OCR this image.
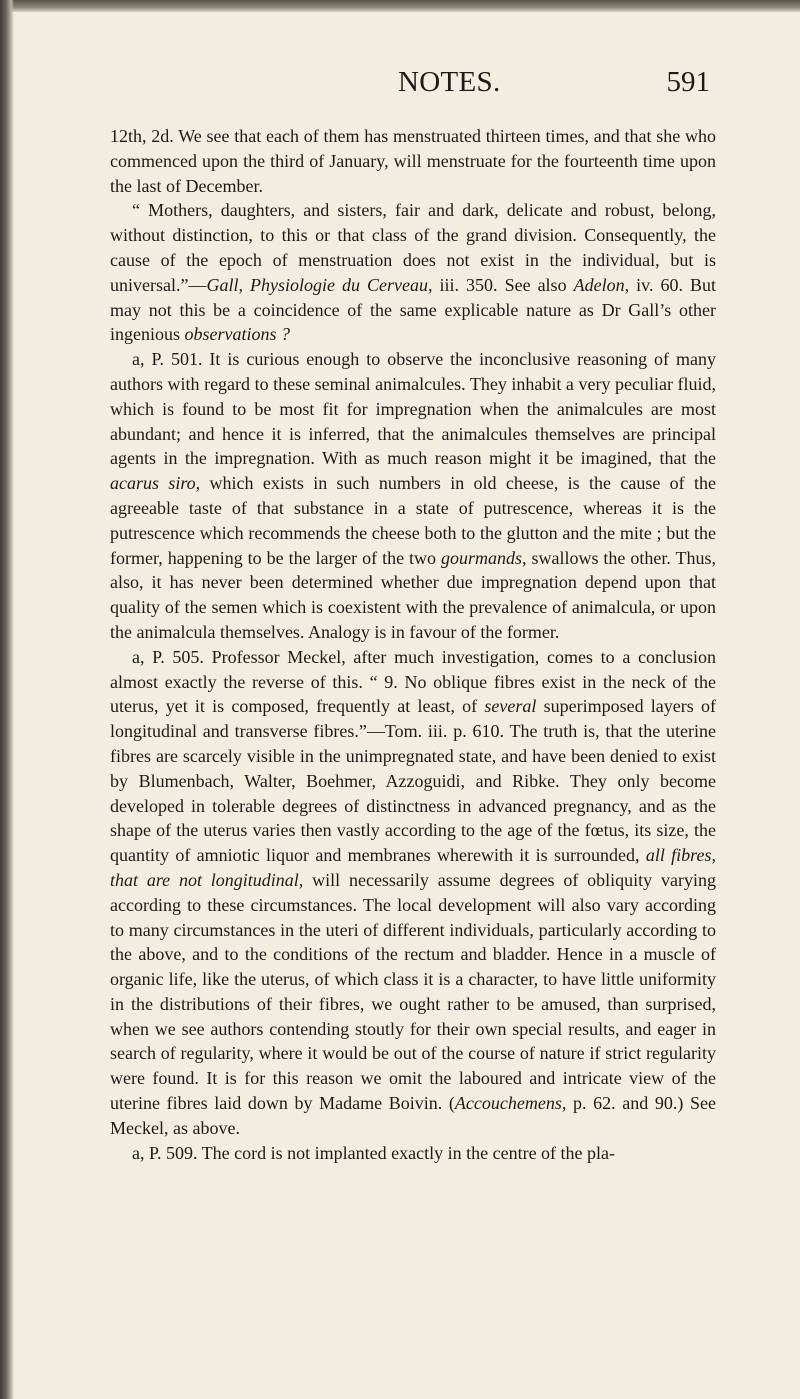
NOTES.	591

12th, 2d. We see that each of them has menstruated thirteen times, and that she who commenced upon the third of January, will menstruate for the fourteenth time upon the last of December.

“ Mothers, daughters, and sisters, fair and dark, delicate and robust, belong, without distinction, to this or that class of the grand division. Consequently, the cause of the epoch of menstruation does not exist in the individual, but is universal.”—Gall, Physiologie du Cerveau, iii. 350. See also Adelon, iv. 60. But may not this be a coincidence of the same explicable nature as Dr Gall’s other ingenious observations ?

a, P. 501. It is curious enough to observe the inconclusive reasoning of many authors with regard to these seminal animalcules. They inhabit a very peculiar fluid, which is found to be most fit for impregnation when the animalcules are most abundant; and hence it is inferred, that the animalcules themselves are principal agents in the impregnation. With as much reason might it be imagined, that the acarus siro, which exists in such numbers in old cheese, is the cause of the agreeable taste of that substance in a state of putrescence, whereas it is the putrescence which recommends the cheese both to the glutton and the mite ; but the former, happening to be the larger of the two gourmands, swallows the other. Thus, also, it has never been determined whether due impregnation depend upon that quality of the semen which is coexistent with the prevalence of animalcula, or upon the animalcula themselves. Analogy is in favour of the former.

a, P. 505. Professor Meckel, after much investigation, comes to a conclusion almost exactly the reverse of this. “ 9. No oblique fibres exist in the neck of the uterus, yet it is composed, frequently at least, of several superimposed layers of longitudinal and transverse fibres.”—Tom. iii. p. 610. The truth is, that the uterine fibres are scarcely visible in the unimpregnated state, and have been denied to exist by Blumenbach, Walter, Boehmer, Azzoguidi, and Ribke. They only become developed in tolerable degrees of distinctness in advanced pregnancy, and as the shape of the uterus varies then vastly according to the age of the fœtus, its size, the quantity of amniotic liquor and membranes wherewith it is surrounded, all fibres, that are not longitudinal, will necessarily assume degrees of obliquity varying according to these circumstances. The local development will also vary according to many circumstances in the uteri of different individuals, particularly according to the above, and to the conditions of the rectum and bladder. Hence in a muscle of organic life, like the uterus, of which class it is a character, to have little uniformity in the distributions of their fibres, we ought rather to be amused, than surprised, when we see authors contending stoutly for their own special results, and eager in search of regularity, where it would be out of the course of nature if strict regularity were found. It is for this reason we omit the laboured and intricate view of the uterine fibres laid down by Madame Boivin. (Accouchemens, p. 62. and 90.) See Meckel, as above.

a, P. 509. The cord is not implanted exactly in the centre of the pla-
